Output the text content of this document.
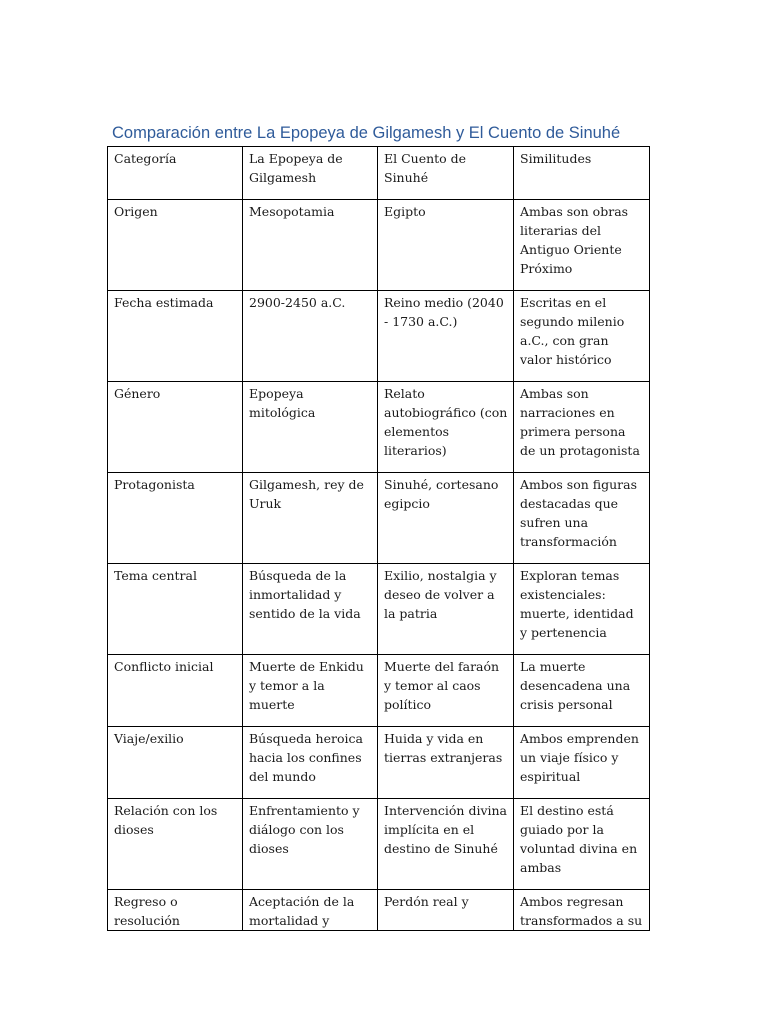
Comparación entre La Epopeya de Gilgamesh y El Cuento de Sinuhé
Categoría	La Epopeya de Gilgamesh	El Cuento de Sinuhé	Similitudes
Origen	Mesopotamia	Egipto	Ambas son obras literarias del Antiguo Oriente Próximo
Fecha estimada	2900-2450 a.C.	Reino medio (2040 - 1730 a.C.)	Escritas en el segundo milenio a.C., con gran valor histórico
Género	Epopeya mitológica	Relato autobiográfico (con elementos literarios)	Ambas son narraciones en primera persona de un protagonista
Protagonista	Gilgamesh, rey de Uruk	Sinuhé, cortesano egipcio	Ambos son figuras destacadas que sufren una transformación
Tema central	Búsqueda de la inmortalidad y sentido de la vida	Exilio, nostalgia y deseo de volver a la patria	Exploran temas existenciales: muerte, identidad y pertenencia
Conflicto inicial	Muerte de Enkidu y temor a la muerte	Muerte del faraón y temor al caos político	La muerte desencadena una crisis personal
Viaje/exilio	Búsqueda heroica hacia los confines del mundo	Huida y vida en tierras extranjeras	Ambos emprenden un viaje físico y espiritual
Relación con los dioses	Enfrentamiento y diálogo con los dioses	Intervención divina implícita en el destino de Sinuhé	El destino está guiado por la voluntad divina en ambas
Regreso o resolución	Aceptación de la mortalidad y	Perdón real y	Ambos regresan transformados a su
